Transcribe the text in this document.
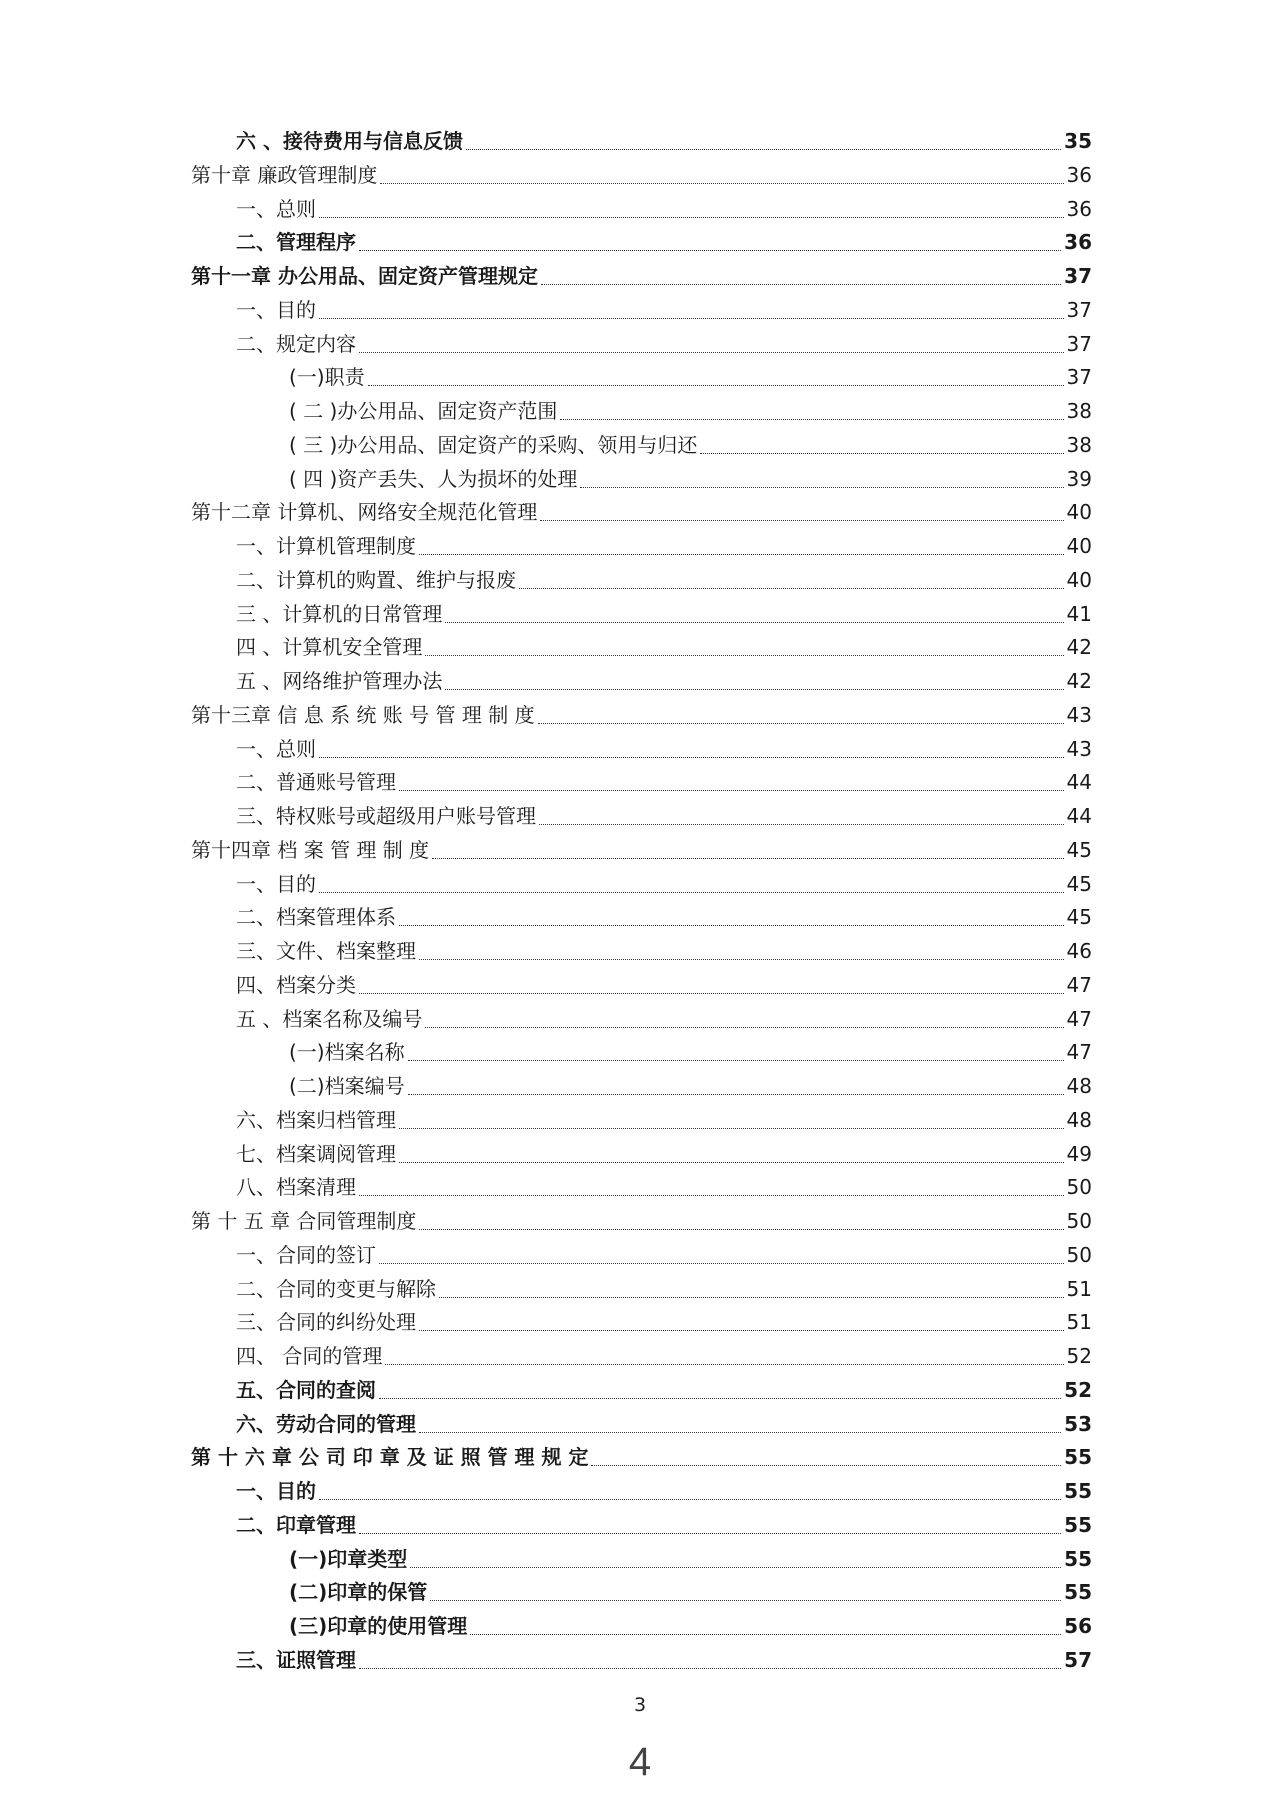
六 、接待费用与信息反馈	35
第十章 廉政管理制度	36
一、总则	36
二、管理程序	36
第十一章 办公用品、固定资产管理规定	37
一、目的	37
二、规定内容	37
(一)职责	37
( 二 )办公用品、固定资产范围	38
( 三 )办公用品、固定资产的采购、领用与归还	38
( 四 )资产丢失、人为损坏的处理	39
第十二章 计算机、网络安全规范化管理	40
一、计算机管理制度	40
二、计算机的购置、维护与报废	40
三 、计算机的日常管理	41
四 、计算机安全管理	42
五 、网络维护管理办法	42
第十三章 信 息 系 统 账 号 管 理 制 度	43
一、总则	43
二、普通账号管理	44
三、特权账号或超级用户账号管理	44
第十四章 档 案 管 理 制 度	45
一、目的	45
二、档案管理体系	45
三、文件、档案整理	46
四、档案分类	47
五 、档案名称及编号	47
(一)档案名称	47
(二)档案编号	48
六、档案归档管理	48
七、档案调阅管理	49
八、档案清理	50
第 十 五 章 合同管理制度	50
一、合同的签订	50
二、合同的变更与解除	51
三、合同的纠纷处理	51
四、 合同的管理	52
五、合同的查阅	52
六、劳动合同的管理	53
第 十 六 章 公 司 印 章 及 证 照 管 理 规 定	55
一、目的	55
二、印章管理	55
(一)印章类型	55
(二)印章的保管	55
(三)印章的使用管理	56
三、证照管理	57
3
4
